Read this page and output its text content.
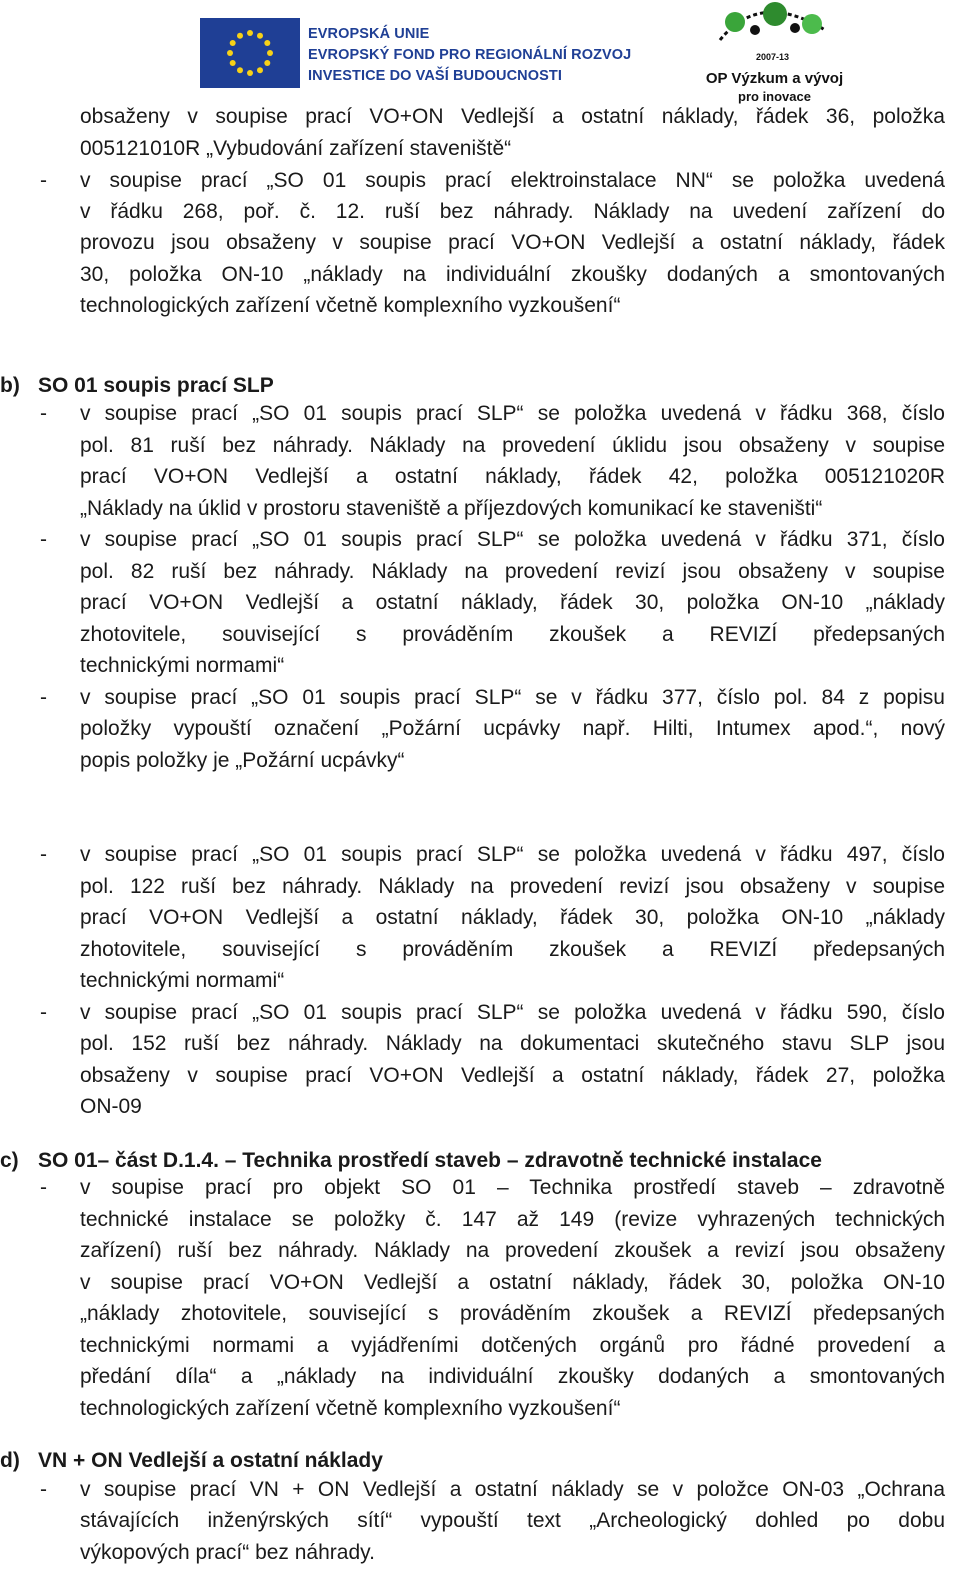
EVROPSKÁ UNIE
EVROPSKÝ FOND PRO REGIONÁLNÍ ROZVOJ
INVESTICE DO VAŠÍ BUDOUCNOSTI
2007-13
OP Výzkum a vývoj
pro inovace
obsaženy v soupise prací VO+ON Vedlejší a ostatní náklady, řádek 36, položka
005121010R „Vybudování zařízení staveniště“
- v soupise prací „SO 01 soupis prací elektroinstalace NN“ se položka uvedená
v řádku 268, poř. č. 12. ruší bez náhrady. Náklady na uvedení zařízení do
provozu jsou obsaženy v soupise prací VO+ON Vedlejší a ostatní náklady, řádek
30, položka ON-10 „náklady na individuální zkoušky dodaných a smontovaných
technologických zařízení včetně komplexního vyzkoušení“
b) SO 01 soupis prací SLP
- v soupise prací „SO 01 soupis prací SLP“ se položka uvedená v řádku 368, číslo
pol. 81 ruší bez náhrady. Náklady na provedení úklidu jsou obsaženy v soupise
prací VO+ON Vedlejší a ostatní náklady, řádek 42, položka 005121020R
„Náklady na úklid v prostoru staveniště a příjezdových komunikací ke staveništi“
- v soupise prací „SO 01 soupis prací SLP“ se položka uvedená v řádku 371, číslo
pol. 82 ruší bez náhrady. Náklady na provedení revizí jsou obsaženy v soupise
prací VO+ON Vedlejší a ostatní náklady, řádek 30, položka ON-10 „náklady
zhotovitele, související s prováděním zkoušek a REVIZÍ předepsaných
technickými normami“
- v soupise prací „SO 01 soupis prací SLP“ se v řádku 377, číslo pol. 84 z popisu
položky vypouští označení „Požární ucpávky např. Hilti, Intumex apod.“, nový
popis položky je „Požární ucpávky“
- v soupise prací „SO 01 soupis prací SLP“ se položka uvedená v řádku 497, číslo
pol. 122 ruší bez náhrady. Náklady na provedení revizí jsou obsaženy v soupise
prací VO+ON Vedlejší a ostatní náklady, řádek 30, položka ON-10 „náklady
zhotovitele, související s prováděním zkoušek a REVIZÍ předepsaných
technickými normami“
- v soupise prací „SO 01 soupis prací SLP“ se položka uvedená v řádku 590, číslo
pol. 152 ruší bez náhrady. Náklady na dokumentaci skutečného stavu SLP jsou
obsaženy v soupise prací VO+ON Vedlejší a ostatní náklady, řádek 27, položka
ON-09
c) SO 01– část D.1.4. – Technika prostředí staveb – zdravotně technické instalace
- v soupise prací pro objekt SO 01 – Technika prostředí staveb – zdravotně
technické instalace se položky č. 147 až 149 (revize vyhrazených technických
zařízení) ruší bez náhrady. Náklady na provedení zkoušek a revizí jsou obsaženy
v soupise prací VO+ON Vedlejší a ostatní náklady, řádek 30, položka ON-10
„náklady zhotovitele, související s prováděním zkoušek a REVIZÍ předepsaných
technickými normami a vyjádřeními dotčených orgánů pro řádné provedení a
předání díla“ a „náklady na individuální zkoušky dodaných a smontovaných
technologických zařízení včetně komplexního vyzkoušení“
d) VN + ON Vedlejší a ostatní náklady
- v soupise prací VN + ON Vedlejší a ostatní náklady se v položce ON-03 „Ochrana
stávajících inženýrských sítí“ vypouští text „Archeologický dohled po dobu
výkopových prací“ bez náhrady.
